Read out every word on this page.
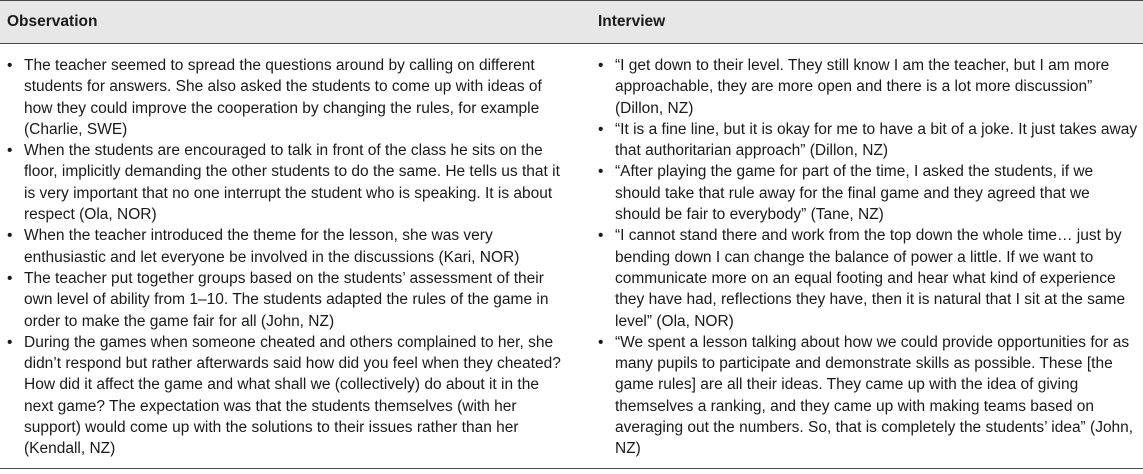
Observation	Interview
• The teacher seemed to spread the questions around by calling on different students for answers. She also asked the students to come up with ideas of how they could improve the cooperation by changing the rules, for example (Charlie, SWE)
• When the students are encouraged to talk in front of the class he sits on the floor, implicitly demanding the other students to do the same. He tells us that it is very important that no one interrupt the student who is speaking. It is about respect (Ola, NOR)
• When the teacher introduced the theme for the lesson, she was very enthusiastic and let everyone be involved in the discussions (Kari, NOR)
• The teacher put together groups based on the students’ assessment of their own level of ability from 1–10. The students adapted the rules of the game in order to make the game fair for all (John, NZ)
• During the games when someone cheated and others complained to her, she didn’t respond but rather afterwards said how did you feel when they cheated? How did it affect the game and what shall we (collectively) do about it in the next game? The expectation was that the students themselves (with her support) would come up with the solutions to their issues rather than her (Kendall, NZ)
• “I get down to their level. They still know I am the teacher, but I am more approachable, they are more open and there is a lot more discussion” (Dillon, NZ)
• “It is a fine line, but it is okay for me to have a bit of a joke. It just takes away that authoritarian approach” (Dillon, NZ)
• “After playing the game for part of the time, I asked the students, if we should take that rule away for the final game and they agreed that we should be fair to everybody” (Tane, NZ)
• “I cannot stand there and work from the top down the whole time… just by bending down I can change the balance of power a little. If we want to communicate more on an equal footing and hear what kind of experience they have had, reflections they have, then it is natural that I sit at the same level” (Ola, NOR)
• “We spent a lesson talking about how we could provide opportunities for as many pupils to participate and demonstrate skills as possible. These [the game rules] are all their ideas. They came up with the idea of giving themselves a ranking, and they came up with making teams based on averaging out the numbers. So, that is completely the students’ idea” (John, NZ)
